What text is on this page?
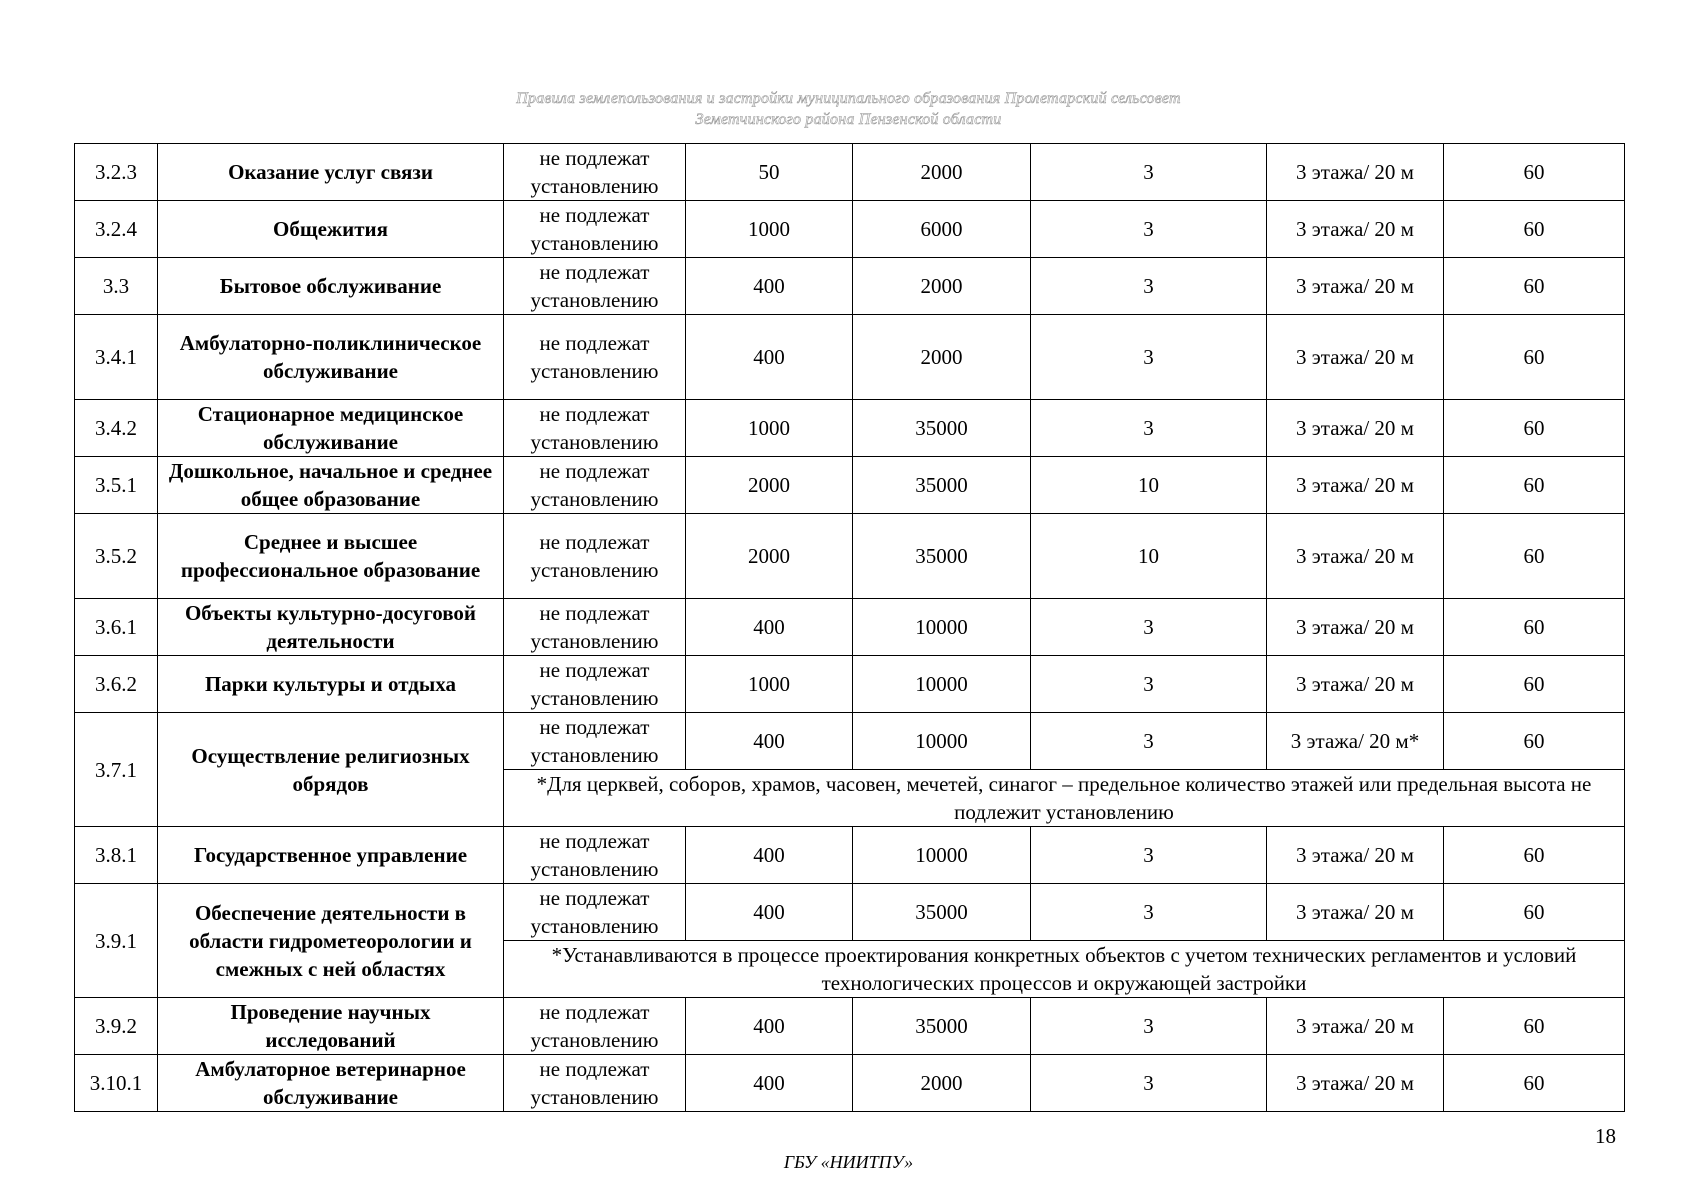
Правила землепользования и застройки муниципального образования Пролетарский сельсовет
Земетчинского района Пензенской области
3.2.3	Оказание услуг связи	не подлежат установлению	50	2000	3	3 этажа/ 20 м	60
3.2.4	Общежития	не подлежат установлению	1000	6000	3	3 этажа/ 20 м	60
3.3	Бытовое обслуживание	не подлежат установлению	400	2000	3	3 этажа/ 20 м	60
3.4.1	Амбулаторно-поликлиническое обслуживание	не подлежат установлению	400	2000	3	3 этажа/ 20 м	60
3.4.2	Стационарное медицинское обслуживание	не подлежат установлению	1000	35000	3	3 этажа/ 20 м	60
3.5.1	Дошкольное, начальное и среднее общее образование	не подлежат установлению	2000	35000	10	3 этажа/ 20 м	60
3.5.2	Среднее и высшее профессиональное образование	не подлежат установлению	2000	35000	10	3 этажа/ 20 м	60
3.6.1	Объекты культурно-досуговой деятельности	не подлежат установлению	400	10000	3	3 этажа/ 20 м	60
3.6.2	Парки культуры и отдыха	не подлежат установлению	1000	10000	3	3 этажа/ 20 м	60
3.7.1	Осуществление религиозных обрядов	не подлежат установлению	400	10000	3	3 этажа/ 20 м*	60
		*Для церквей, соборов, храмов, часовен, мечетей, синагог – предельное количество этажей или предельная высота не подлежит установлению					
3.8.1	Государственное управление	не подлежат установлению	400	10000	3	3 этажа/ 20 м	60
3.9.1	Обеспечение деятельности в области гидрометеорологии и смежных с ней областях	не подлежат установлению	400	35000	3	3 этажа/ 20 м	60
		*Устанавливаются в процессе проектирования конкретных объектов с учетом технических регламентов и условий технологических процессов и окружающей застройки					
3.9.2	Проведение научных исследований	не подлежат установлению	400	35000	3	3 этажа/ 20 м	60
3.10.1	Амбулаторное ветеринарное обслуживание	не подлежат установлению	400	2000	3	3 этажа/ 20 м	60
18
ГБУ «НИИТПУ»
